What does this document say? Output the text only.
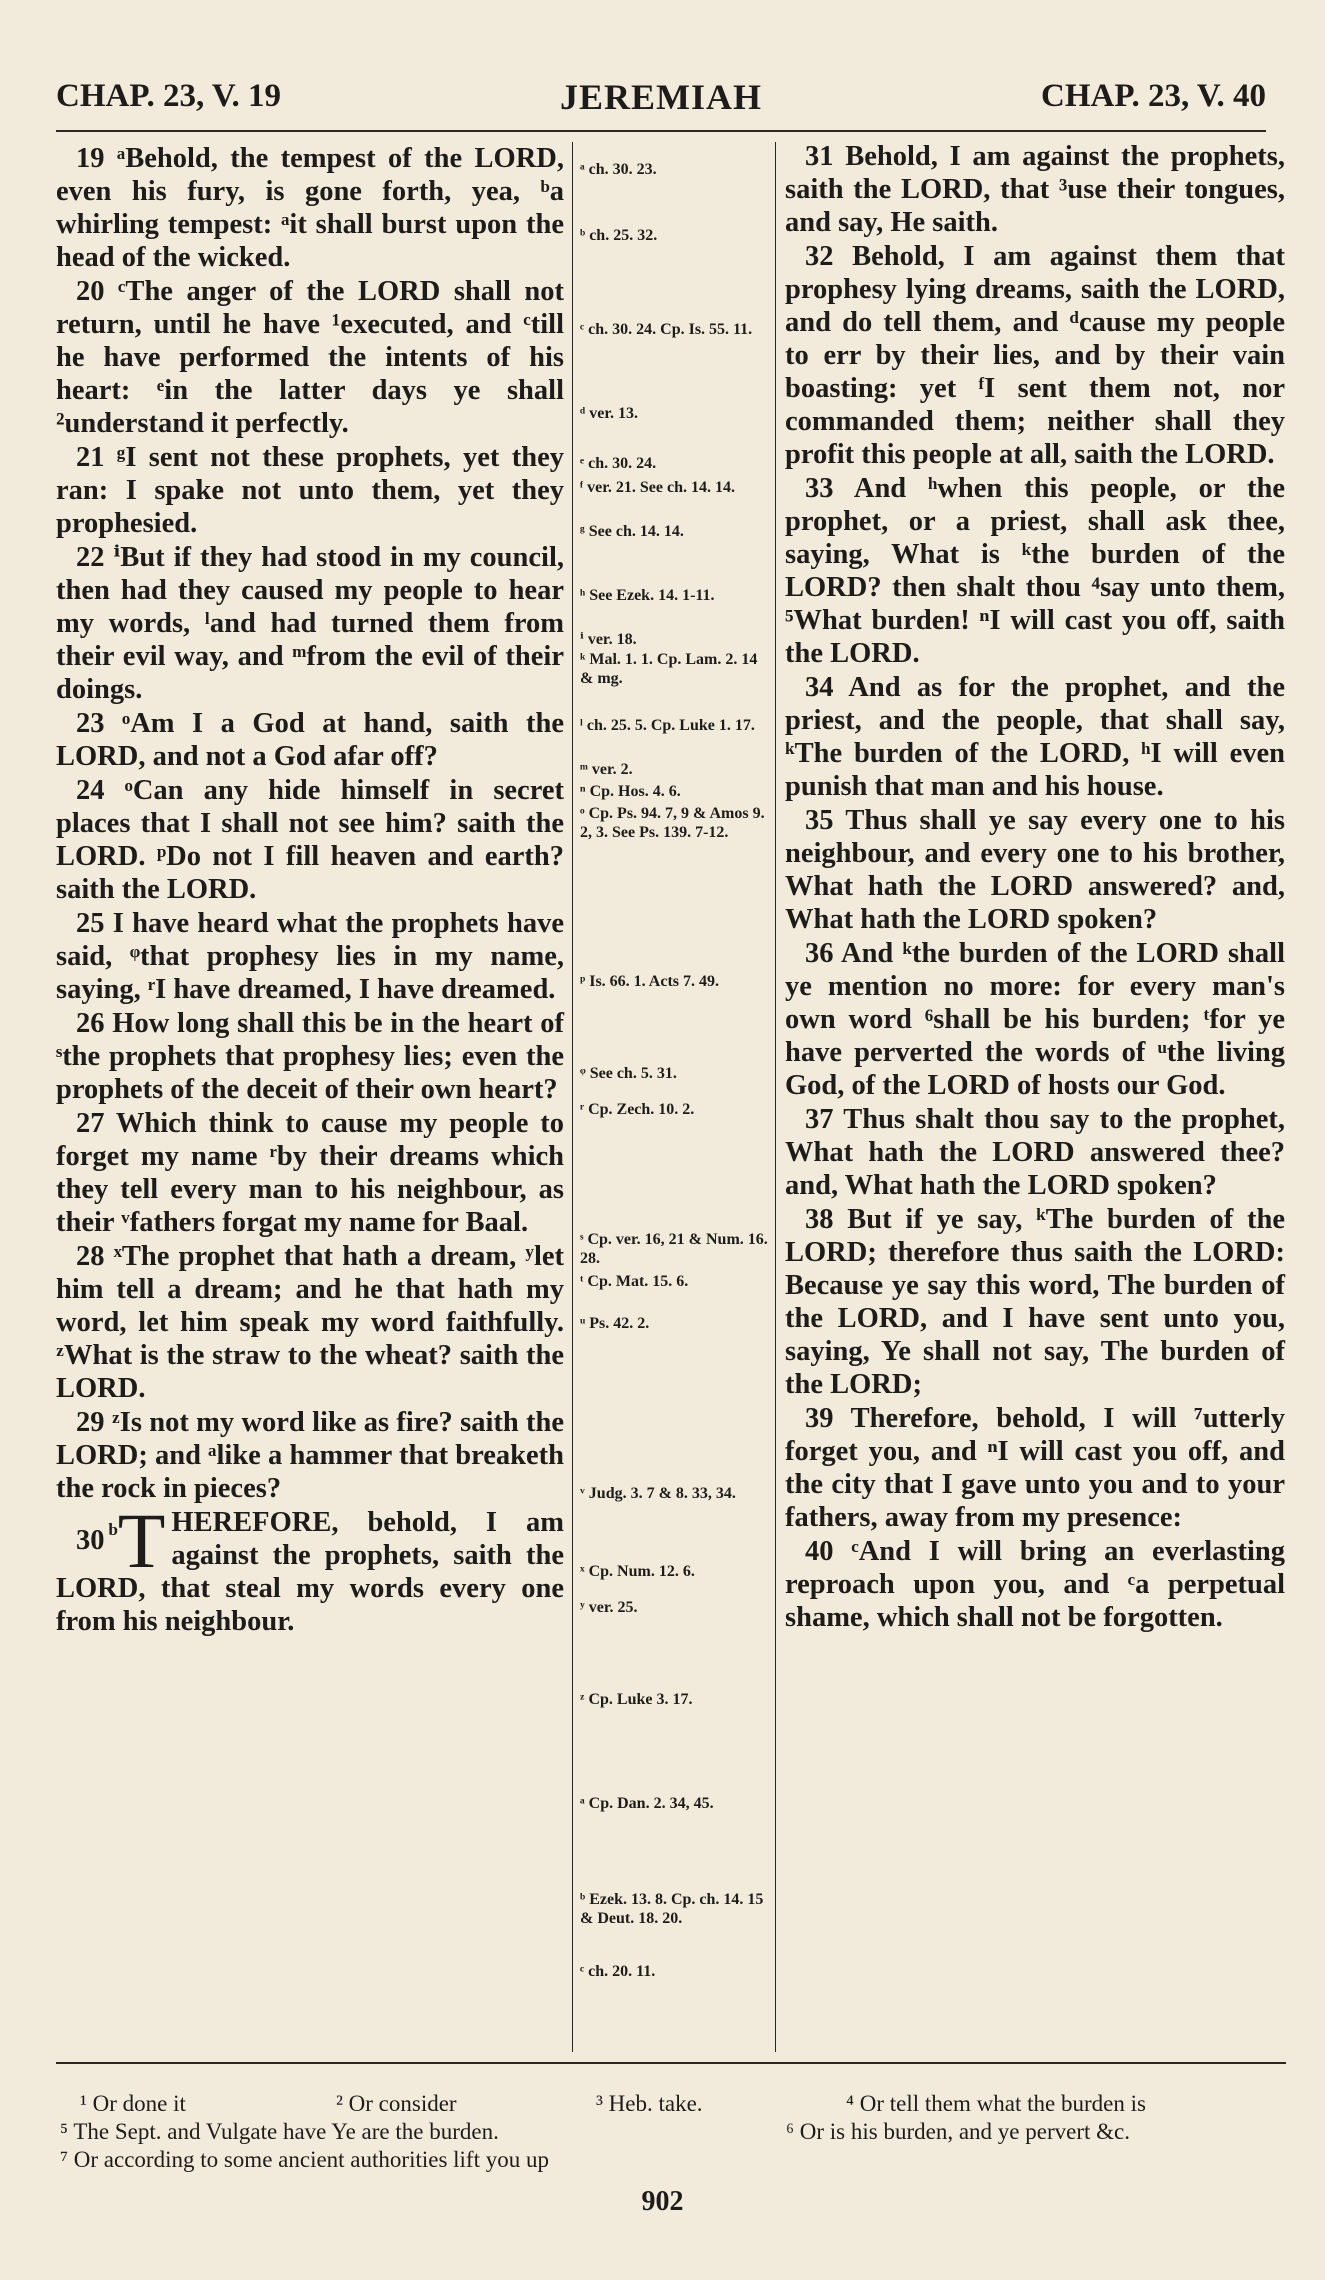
CHAP. 23, V. 19	JEREMIAH	CHAP. 23, V. 40

19 ᵃBehold, the tempest of the LORD, even his fury, is gone forth, yea, ᵇa whirling tempest: ᵃit shall burst upon the head of the wicked.

20 ᶜThe anger of the LORD shall not return, until he have ¹executed, and ᶜtill he have performed the intents of his heart: ᵉin the latter days ye shall ²understand it perfectly.

21 ᵍI sent not these prophets, yet they ran: I spake not unto them, yet they prophesied.

22 ⁱBut if they had stood in my council, then had they caused my people to hear my words, ˡand had turned them from their evil way, and ᵐfrom the evil of their doings.

23 ᵒAm I a God at hand, saith the LORD, and not a God afar off?

24 ᵒCan any hide himself in secret places that I shall not see him? saith the LORD. ᵖDo not I fill heaven and earth? saith the LORD.

25 I have heard what the prophets have said, ᵠthat prophesy lies in my name, saying, ʳI have dreamed, I have dreamed.

26 How long shall this be in the heart of ˢthe prophets that prophesy lies; even the prophets of the deceit of their own heart?

27 Which think to cause my people to forget my name ʳby their dreams which they tell every man to his neighbour, as their ᵛfathers forgat my name for Baal.

28 ˣThe prophet that hath a dream, ʸlet him tell a dream; and he that hath my word, let him speak my word faithfully. ᶻWhat is the straw to the wheat? saith the LORD.

29 ᶻIs not my word like as fire? saith the LORD; and ᵃlike a hammer that breaketh the rock in pieces?

30 ᵇ T HEREFORE, behold, I am against the prophets, saith the LORD, that steal my words every one from his neighbour.

ᵃ ch. 30. 23.
ᵇ ch. 25. 32.
ᶜ ch. 30. 24. Cp. Is. 55. 11.
ᵈ ver. 13.
ᵉ ch. 30. 24.
ᶠ ver. 21. See ch. 14. 14.
ᵍ See ch. 14. 14.
ʰ See Ezek. 14. 1-11.
ⁱ ver. 18.
ᵏ Mal. 1. 1. Cp. Lam. 2. 14 & mg.
ˡ ch. 25. 5. Cp. Luke 1. 17.
ᵐ ver. 2.
ⁿ Cp. Hos. 4. 6.
ᵒ Cp. Ps. 94. 7, 9 & Amos 9. 2, 3. See Ps. 139. 7-12.
ᵖ Is. 66. 1. Acts 7. 49.
ᵠ See ch. 5. 31.
ʳ Cp. Zech. 10. 2.
ˢ Cp. ver. 16, 21 & Num. 16. 28.
ᵗ Cp. Mat. 15. 6.
ᵘ Ps. 42. 2.
ᵛ Judg. 3. 7 & 8. 33, 34.
ˣ Cp. Num. 12. 6.
ʸ ver. 25.
ᶻ Cp. Luke 3. 17.
ᵃ Cp. Dan. 2. 34, 45.
ᵇ Ezek. 13. 8. Cp. ch. 14. 15 & Deut. 18. 20.
ᶜ ch. 20. 11.

31 Behold, I am against the prophets, saith the LORD, that ³use their tongues, and say, He saith.

32 Behold, I am against them that prophesy lying dreams, saith the LORD, and do tell them, and ᵈcause my people to err by their lies, and by their vain boasting: yet ᶠI sent them not, nor commanded them; neither shall they profit this people at all, saith the LORD.

33 And ʰwhen this people, or the prophet, or a priest, shall ask thee, saying, What is ᵏthe burden of the LORD? then shalt thou ⁴say unto them, ⁵What burden! ⁿI will cast you off, saith the LORD.

34 And as for the prophet, and the priest, and the people, that shall say, ᵏThe burden of the LORD, ʰI will even punish that man and his house.

35 Thus shall ye say every one to his neighbour, and every one to his brother, What hath the LORD answered? and, What hath the LORD spoken?

36 And ᵏthe burden of the LORD shall ye mention no more: for every man's own word ⁶shall be his burden; ᵗfor ye have perverted the words of ᵘthe living God, of the LORD of hosts our God.

37 Thus shalt thou say to the prophet, What hath the LORD answered thee? and, What hath the LORD spoken?

38 But if ye say, ᵏThe burden of the LORD; therefore thus saith the LORD: Because ye say this word, The burden of the LORD, and I have sent unto you, saying, Ye shall not say, The burden of the LORD;

39 Therefore, behold, I will ⁷utterly forget you, and ⁿI will cast you off, and the city that I gave unto you and to your fathers, away from my presence:

40 ᶜAnd I will bring an everlasting reproach upon you, and ᶜa perpetual shame, which shall not be forgotten.

¹ Or done it	² Or consider	³ Heb. take.	⁴ Or tell them what the burden is
⁵ The Sept. and Vulgate have Ye are the burden.	⁶ Or is his burden, and ye pervert &c.
⁷ Or according to some ancient authorities lift you up
902
